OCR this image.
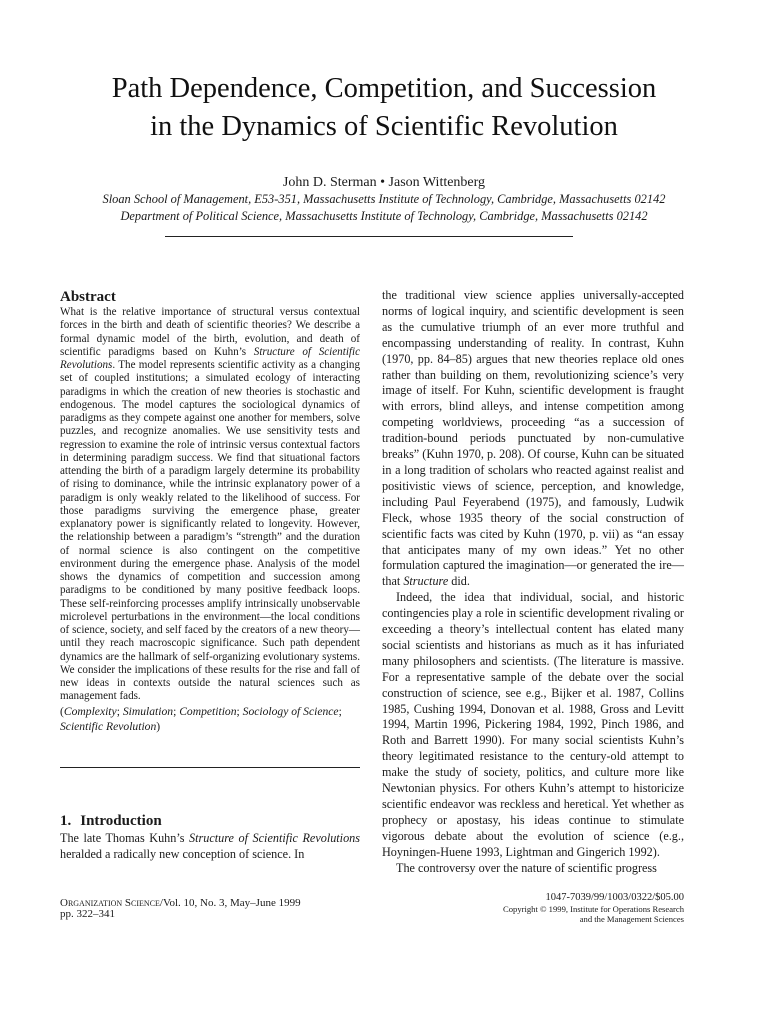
Path Dependence, Competition, and Succession
in the Dynamics of Scientific Revolution
John D. Sterman • Jason Wittenberg
Sloan School of Management, E53-351, Massachusetts Institute of Technology, Cambridge, Massachusetts 02142
Department of Political Science, Massachusetts Institute of Technology, Cambridge, Massachusetts 02142
Abstract

What is the relative importance of structural versus contextual forces in the birth and death of scientific theories? We describe a formal dynamic model of the birth, evolution, and death of scientific paradigms based on Kuhn’s Structure of Scientific Revolutions. The model represents scientific activity as a changing set of coupled institutions; a simulated ecology of interacting paradigms in which the creation of new theories is stochastic and endogenous. The model captures the sociological dynamics of paradigms as they compete against one another for members, solve puzzles, and recognize anomalies. We use sensitivity tests and regression to examine the role of intrinsic versus contextual factors in determining paradigm success. We find that situational factors attending the birth of a paradigm largely determine its probability of rising to dominance, while the intrinsic explanatory power of a paradigm is only weakly related to the likelihood of success. For those paradigms surviving the emergence phase, greater explanatory power is significantly related to longevity. However, the relationship between a paradigm’s “strength” and the duration of normal science is also contingent on the competitive environment during the emergence phase. Analysis of the model shows the dynamics of competition and succession among paradigms to be conditioned by many positive feedback loops. These self-reinforcing processes amplify intrinsically unobservable microlevel perturbations in the environment—the local conditions of science, society, and self faced by the creators of a new theory—until they reach macroscopic significance. Such path dependent dynamics are the hallmark of self-organizing evolutionary systems. We consider the implications of these results for the rise and fall of new ideas in contexts outside the natural sciences such as management fads.

(Complexity; Simulation; Competition; Sociology of Science; Scientific Revolution)

1. Introduction
The late Thomas Kuhn’s Structure of Scientific Revolutions heralded a radically new conception of science. In

the traditional view science applies universally-accepted norms of logical inquiry, and scientific development is seen as the cumulative triumph of an ever more truthful and encompassing understanding of reality. In contrast, Kuhn (1970, pp. 84–85) argues that new theories replace old ones rather than building on them, revolutionizing science’s very image of itself. For Kuhn, scientific development is fraught with errors, blind alleys, and intense competition among competing worldviews, proceeding “as a succession of tradition-bound periods punctuated by non-cumulative breaks” (Kuhn 1970, p. 208). Of course, Kuhn can be situated in a long tradition of scholars who reacted against realist and positivistic views of science, perception, and knowledge, including Paul Feyerabend (1975), and famously, Ludwik Fleck, whose 1935 theory of the social construction of scientific facts was cited by Kuhn (1970, p. vii) as “an essay that anticipates many of my own ideas.” Yet no other formulation captured the imagination—or generated the ire—that Structure did.

Indeed, the idea that individual, social, and historic contingencies play a role in scientific development rivaling or exceeding a theory’s intellectual content has elated many social scientists and historians as much as it has infuriated many philosophers and scientists. (The literature is massive. For a representative sample of the debate over the social construction of science, see e.g., Bijker et al. 1987, Collins 1985, Cushing 1994, Donovan et al. 1988, Gross and Levitt 1994, Martin 1996, Pickering 1984, 1992, Pinch 1986, and Roth and Barrett 1990). For many social scientists Kuhn’s theory legitimated resistance to the century-old attempt to make the study of society, politics, and culture more like Newtonian physics. For others Kuhn’s attempt to historicize scientific endeavor was reckless and heretical. Yet whether as prophecy or apostasy, his ideas continue to stimulate vigorous debate about the evolution of science (e.g., Hoyningen-Huene 1993, Lightman and Gingerich 1992).

The controversy over the nature of scientific progress

Organization Science/Vol. 10, No. 3, May–June 1999
pp. 322–341
1047-7039/99/1003/0322/$05.00
Copyright © 1999, Institute for Operations Research
and the Management Sciences
